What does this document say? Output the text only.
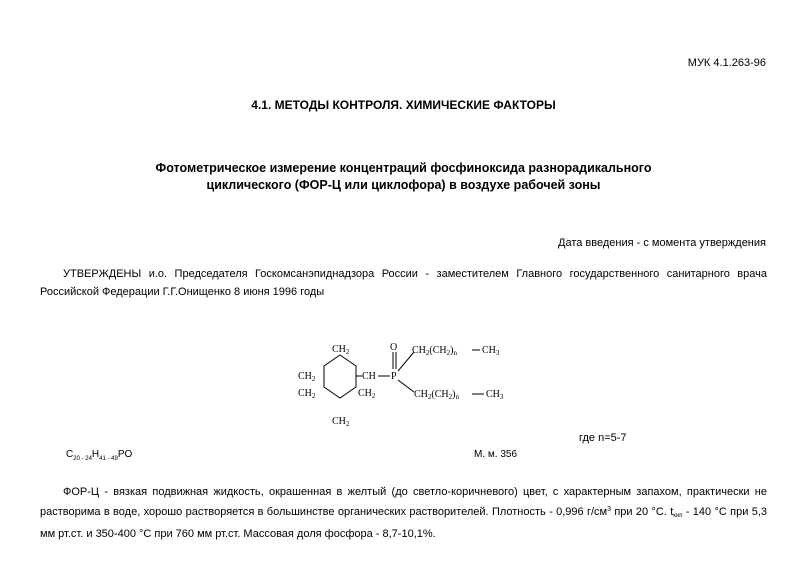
МУК 4.1.263-96
4.1. МЕТОДЫ КОНТРОЛЯ. ХИМИЧЕСКИЕ ФАКТОРЫ
Фотометрическое измерение концентраций фосфиноксида разнорадикального
циклического (ФОР-Ц или циклофора) в воздухе рабочей зоны
Дата введения - с момента утверждения
УТВЕРЖДЕНЫ и.о. Председателя Госкомсанэпиднадзора России - заместителем Главного государственного санитарного врача Российской Федерации Г.Г.Онищенко 8 июня 1996 годы
$CH_2$
$CH_2$
$CH_2$	$CH_2$
$CH_2$
CH
O
P
$CH_2(CH_2)_n$	$CH_3$
$CH_2(CH_2)_n$	$CH_3$
где n=5-7
$C_{20 - 24}H_{41 - 49}PO$	М. м. 356
ФОР-Ц - вязкая подвижная жидкость, окрашенная в желтый (до светло-коричневого) цвет, с характерным запахом, практически не растворима в воде, хорошо растворяется в большинстве органических растворителей. Плотность - 0,996 $г/см^3$ при 20 °С. tкип - 140 °С при 5,3 мм рт.ст. и 350-400 °С при 760 мм рт.ст. Массовая доля фосфора - 8,7-10,1%.
